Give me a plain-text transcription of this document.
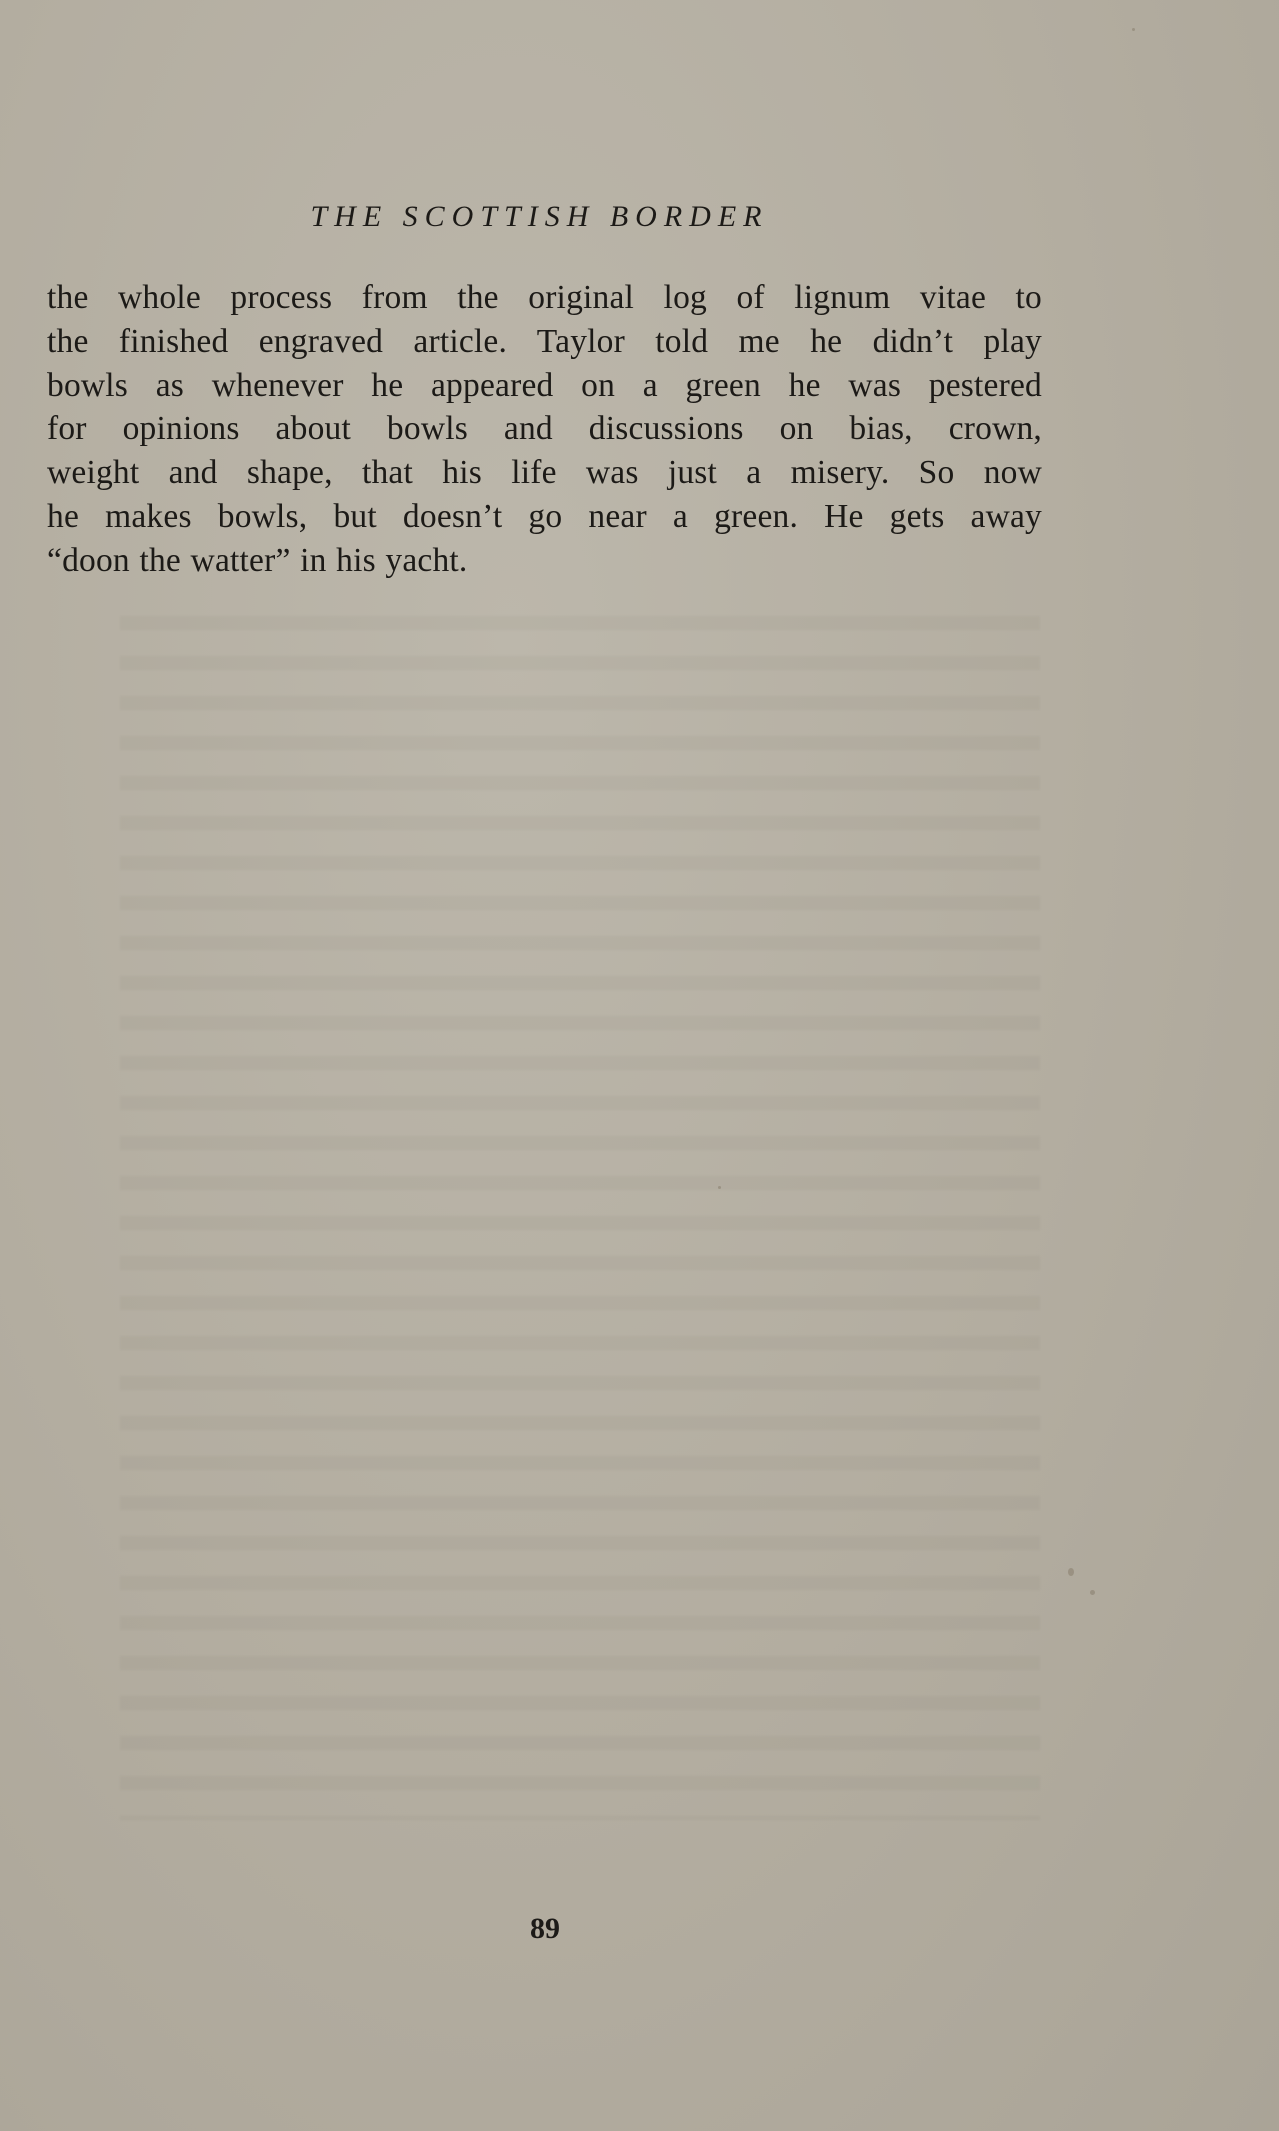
THE SCOTTISH BORDER
the whole process from the original log of lignum vitae to
the finished engraved article. Taylor told me he didn’t play
bowls as whenever he appeared on a green he was pestered
for opinions about bowls and discussions on bias, crown,
weight and shape, that his life was just a misery. So now
he makes bowls, but doesn’t go near a green. He gets away
“doon the watter” in his yacht.
89
